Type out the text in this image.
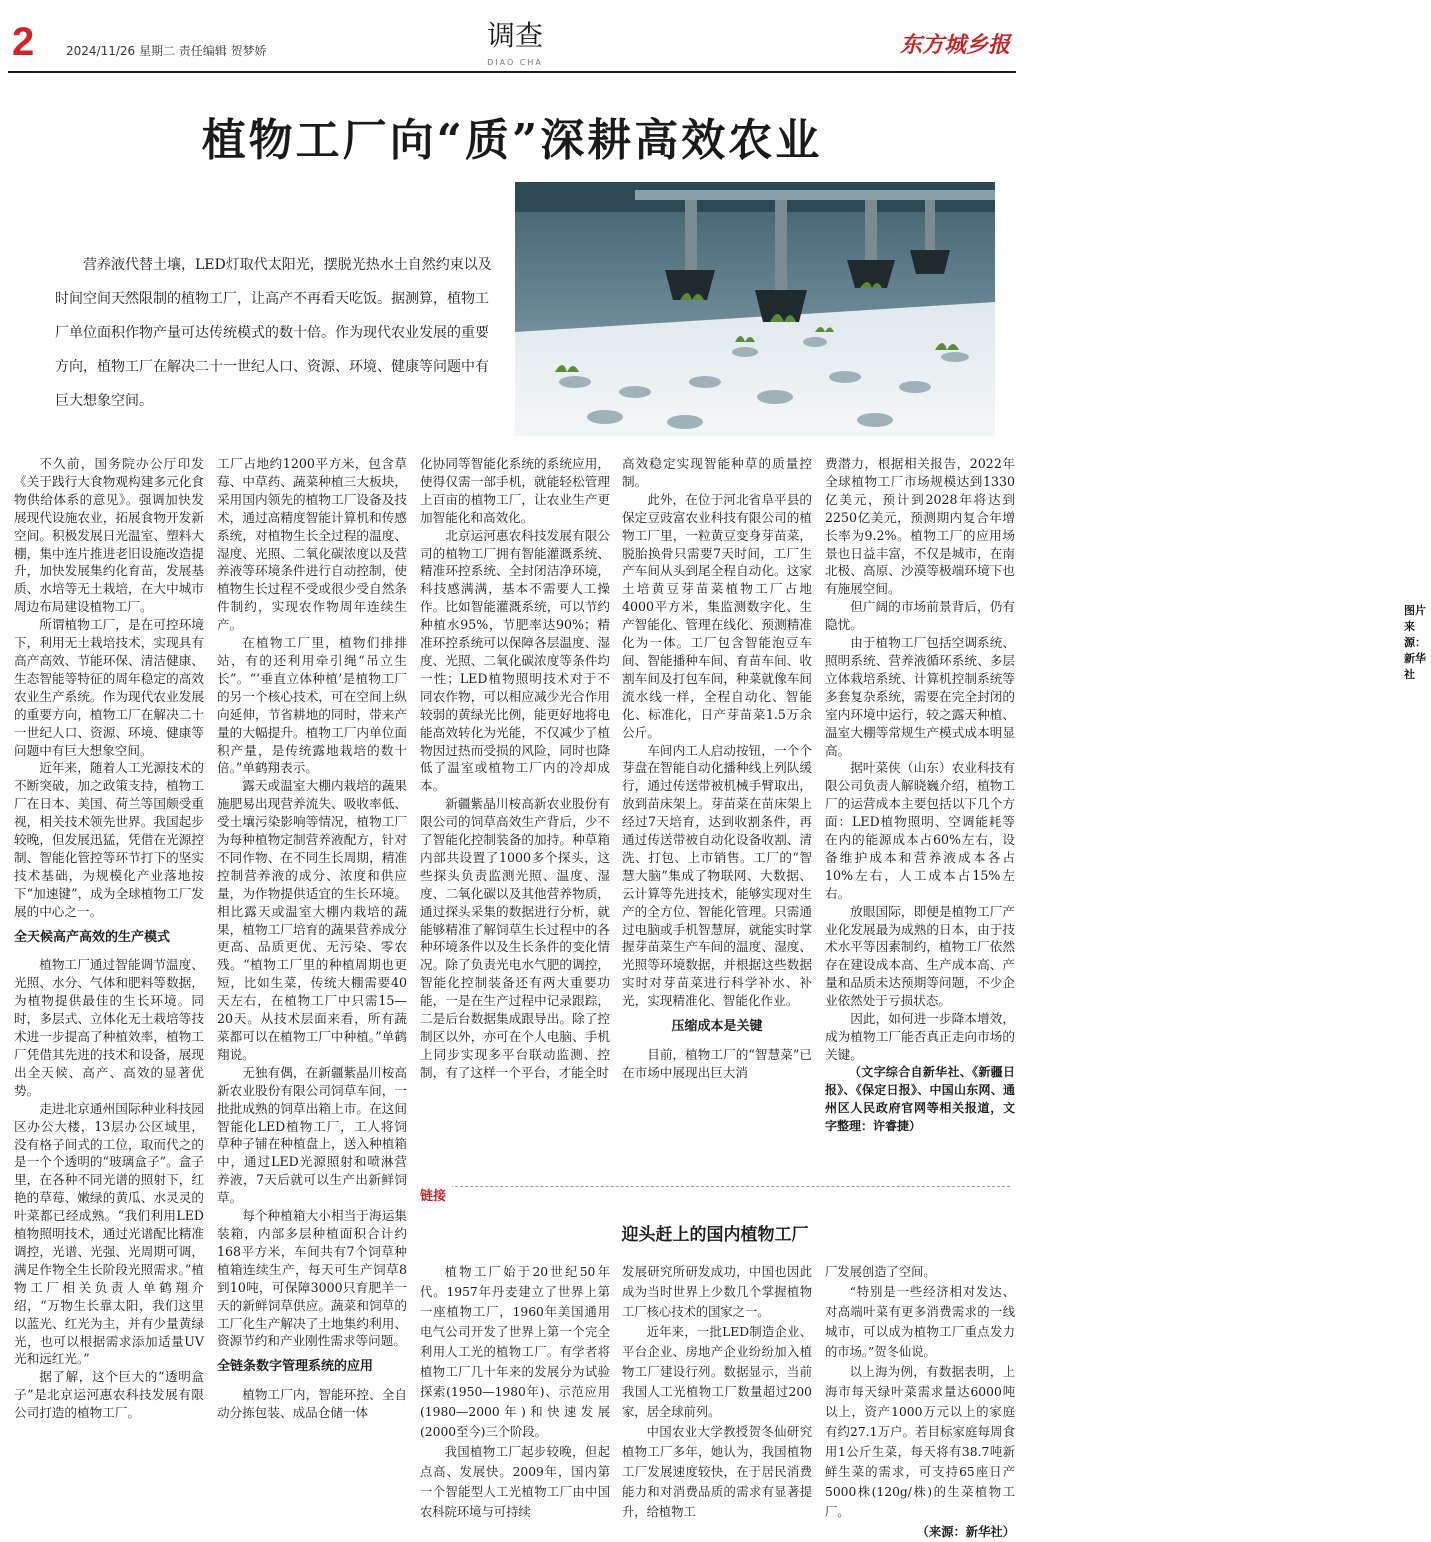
2	2024/11/26 星期二 责任编辑 贺梦娇	调查
DIAO CHA
东方城乡报
植物工厂向“质”深耕高效农业
营养液代替土壤，LED灯取代太阳光，摆脱光热水土自然约束以及时间空间天然限制的植物工厂，让高产不再看天吃饭。据测算，植物工厂单位面积作物产量可达传统模式的数十倍。作为现代农业发展的重要方向，植物工厂在解决二十一世纪人口、资源、环境、健康等问题中有巨大想象空间。
图片来源：新华社

不久前，国务院办公厅印发《关于践行大食物观构建多元化食物供给体系的意见》。强调加快发展现代设施农业，拓展食物开发新空间。积极发展日光温室、塑料大棚，集中连片推进老旧设施改造提升，加快发展集约化育苗，发展基质、水培等无土栽培，在大中城市周边布局建设植物工厂。

所谓植物工厂，是在可控环境下，利用无土栽培技术，实现具有高产高效、节能环保、清洁健康、生态智能等特征的周年稳定的高效农业生产系统。作为现代农业发展的重要方向，植物工厂在解决二十一世纪人口、资源、环境、健康等问题中有巨大想象空间。

近年来，随着人工光源技术的不断突破，加之政策支持，植物工厂在日本、美国、荷兰等国颇受重视，相关技术领先世界。我国起步较晚，但发展迅猛，凭借在光源控制、智能化管控等环节打下的坚实技术基础，为规模化产业落地按下“加速键”，成为全球植物工厂发展的中心之一。

全天候高产高效的生产模式

植物工厂通过智能调节温度、光照、水分、气体和肥料等数据，为植物提供最佳的生长环境。同时，多层式、立体化无土栽培等技术进一步提高了种植效率，植物工厂凭借其先进的技术和设备，展现出全天候、高产、高效的显著优势。

走进北京通州国际种业科技园区办公大楼，13层办公区域里，没有格子间式的工位，取而代之的是一个个透明的“玻璃盒子”。盒子里，在各种不同光谱的照射下，红艳的草莓、嫩绿的黄瓜、水灵灵的叶菜都已经成熟。“我们利用LED植物照明技术，通过光谱配比精准调控，光谱、光强、光周期可调，满足作物全生长阶段光照需求。”植物工厂相关负责人单鹤翔介绍，“万物生长靠太阳，我们这里以蓝光、红光为主，并有少量黄绿光，也可以根据需求添加适量UV光和远红光。”

据了解，这个巨大的“透明盒子”是北京运河惠农科技发展有限公司打造的植物工厂。

工厂占地约1200平方米，包含草莓、中草药、蔬菜种植三大板块，采用国内领先的植物工厂设备及技术，通过高精度智能计算机和传感系统，对植物生长全过程的温度、湿度、光照、二氧化碳浓度以及营养液等环境条件进行自动控制，使植物生长过程不受或很少受自然条件制约，实现农作物周年连续生产。

在植物工厂里，植物们排排站，有的还利用牵引绳“吊立生长”。“‘垂直立体种植’是植物工厂的另一个核心技术，可在空间上纵向延伸，节省耕地的同时，带来产量的大幅提升。植物工厂内单位面积产量，是传统露地栽培的数十倍。”单鹤翔表示。

露天或温室大棚内栽培的蔬果施肥易出现营养流失、吸收率低、受土壤污染影响等情况，植物工厂为每种植物定制营养液配方，针对不同作物、在不同生长周期，精准控制营养液的成分、浓度和供应量，为作物提供适宜的生长环境。相比露天或温室大棚内栽培的蔬果，植物工厂培育的蔬果营养成分更高、品质更优、无污染、零农残。“植物工厂里的种植周期也更短，比如生菜，传统大棚需要40天左右，在植物工厂中只需15—20天。从技术层面来看，所有蔬菜都可以在植物工厂中种植。”单鹤翔说。

无独有偶，在新疆紫晶川桉高新农业股份有限公司饲草车间，一批批成熟的饲草出箱上市。在这间智能化LED植物工厂，工人将饲草种子铺在种植盘上，送入种植箱中，通过LED光源照射和喷淋营养液，7天后就可以生产出新鲜饲草。

每个种植箱大小相当于海运集装箱，内部多层种植面积合计约168平方米，车间共有7个饲草种植箱连续生产，每天可生产饲草8到10吨，可保障3000只育肥羊一天的新鲜饲草供应。蔬菜和饲草的工厂化生产解决了土地集约利用、资源节约和产业刚性需求等问题。

全链条数字管理系统的应用

植物工厂内，智能环控、全自动分拣包装、成品仓储一体

化协同等智能化系统的系统应用，使得仅需一部手机，就能轻松管理上百亩的植物工厂，让农业生产更加智能化和高效化。

北京运河惠农科技发展有限公司的植物工厂拥有智能灌溉系统、精准环控系统、全封闭洁净环境，科技感满满，基本不需要人工操作。比如智能灌溉系统，可以节约种植水95%，节肥率达90%；精准环控系统可以保障各层温度、湿度、光照、二氧化碳浓度等条件均一性；LED植物照明技术对于不同农作物，可以相应减少光合作用较弱的黄绿光比例，能更好地将电能高效转化为光能，不仅减少了植物因过热而受损的风险，同时也降低了温室或植物工厂内的冷却成本。

新疆紫晶川桉高新农业股份有限公司的饲草高效生产背后，少不了智能化控制装备的加持。种草箱内部共设置了1000多个探头，这些探头负责监测光照、温度、湿度、二氧化碳以及其他营养物质，通过探头采集的数据进行分析，就能够精准了解饲草生长过程中的各种环境条件以及生长条件的变化情况。除了负责光电水气肥的调控，智能化控制装备还有两大重要功能，一是在生产过程中记录跟踪，二是后台数据集成跟导出。除了控制区以外，亦可在个人电脑、手机上同步实现多平台联动监测、控制，有了这样一个平台，才能全时

高效稳定实现智能种草的质量控制。

此外，在位于河北省阜平县的保定豆豉富农业科技有限公司的植物工厂里，一粒黄豆变身芽苗菜，脱胎换骨只需要7天时间，工厂生产车间从头到尾全程自动化。这家土培黄豆芽苗菜植物工厂占地4000平方米，集监测数字化、生产智能化、管理在线化、预测精准化为一体。工厂包含智能泡豆车间、智能播种车间、育苗车间、收割车间及打包车间，种菜就像车间流水线一样，全程自动化、智能化、标准化，日产芽苗菜1.5万余公斤。

车间内工人启动按钮，一个个芽盘在智能自动化播种线上列队缓行，通过传送带被机械手臂取出，放到苗床架上。芽苗菜在苗床架上经过7天培育，达到收割条件，再通过传送带被自动化设备收割、清洗、打包、上市销售。工厂的“智慧大脑”集成了物联网、大数据、云计算等先进技术，能够实现对生产的全方位、智能化管理。只需通过电脑或手机智慧屏，就能实时掌握芽苗菜生产车间的温度、湿度、光照等环境数据，并根据这些数据实时对芽苗菜进行科学补水、补光，实现精准化、智能化作业。

压缩成本是关键

目前，植物工厂的“智慧菜”已在市场中展现出巨大消

费潜力，根据相关报告，2022年全球植物工厂市场规模达到1330亿美元，预计到2028年将达到2250亿美元，预测期内复合年增长率为9.2%。植物工厂的应用场景也日益丰富，不仅是城市，在南北极、高原、沙漠等极端环境下也有施展空间。

但广阔的市场前景背后，仍有隐忧。

由于植物工厂包括空调系统、照明系统、营养液循环系统、多层立体栽培系统、计算机控制系统等多套复杂系统，需要在完全封闭的室内环境中运行，较之露天种植、温室大棚等常规生产模式成本明显高。

据叶菜侠（山东）农业科技有限公司负责人解晓巍介绍，植物工厂的运营成本主要包括以下几个方面：LED植物照明、空调能耗等在内的能源成本占60%左右，设备维护成本和营养液成本各占10%左右，人工成本占15%左右。

放眼国际，即便是植物工厂产业化发展最为成熟的日本，由于技术水平等因素制约，植物工厂依然存在建设成本高、生产成本高、产量和品质未达预期等问题，不少企业依然处于亏损状态。

因此，如何进一步降本增效，成为植物工厂能否真正走向市场的关键。

（文字综合自新华社、《新疆日报》、《保定日报》、中国山东网、通州区人民政府官网等相关报道，文字整理：许睿捷）

链接
迎头赶上的国内植物工厂

植物工厂始于20世纪50年代。1957年丹麦建立了世界上第一座植物工厂，1960年美国通用电气公司开发了世界上第一个完全利用人工光的植物工厂。有学者将植物工厂几十年来的发展分为试验探索(1950—1980年)、示范应用(1980—2000年)和快速发展(2000至今)三个阶段。

我国植物工厂起步较晚，但起点高、发展快。2009年，国内第一个智能型人工光植物工厂由中国农科院环境与可持续

发展研究所研发成功，中国也因此成为当时世界上少数几个掌握植物工厂核心技术的国家之一。

近年来，一批LED制造企业、平台企业、房地产企业纷纷加入植物工厂建设行列。数据显示，当前我国人工光植物工厂数量超过200家，居全球前列。

中国农业大学教授贺冬仙研究植物工厂多年，她认为，我国植物工厂发展速度较快，在于居民消费能力和对消费品质的需求有显著提升，给植物工

厂发展创造了空间。

“特别是一些经济相对发达、对高端叶菜有更多消费需求的一线城市，可以成为植物工厂重点发力的市场。”贺冬仙说。

以上海为例，有数据表明，上海市每天绿叶菜需求量达6000吨以上，资产1000万元以上的家庭有约27.1万户。若目标家庭每周食用1公斤生菜，每天将有38.7吨新鲜生菜的需求，可支持65座日产5000株(120g/株)的生菜植物工厂。

（来源：新华社）
